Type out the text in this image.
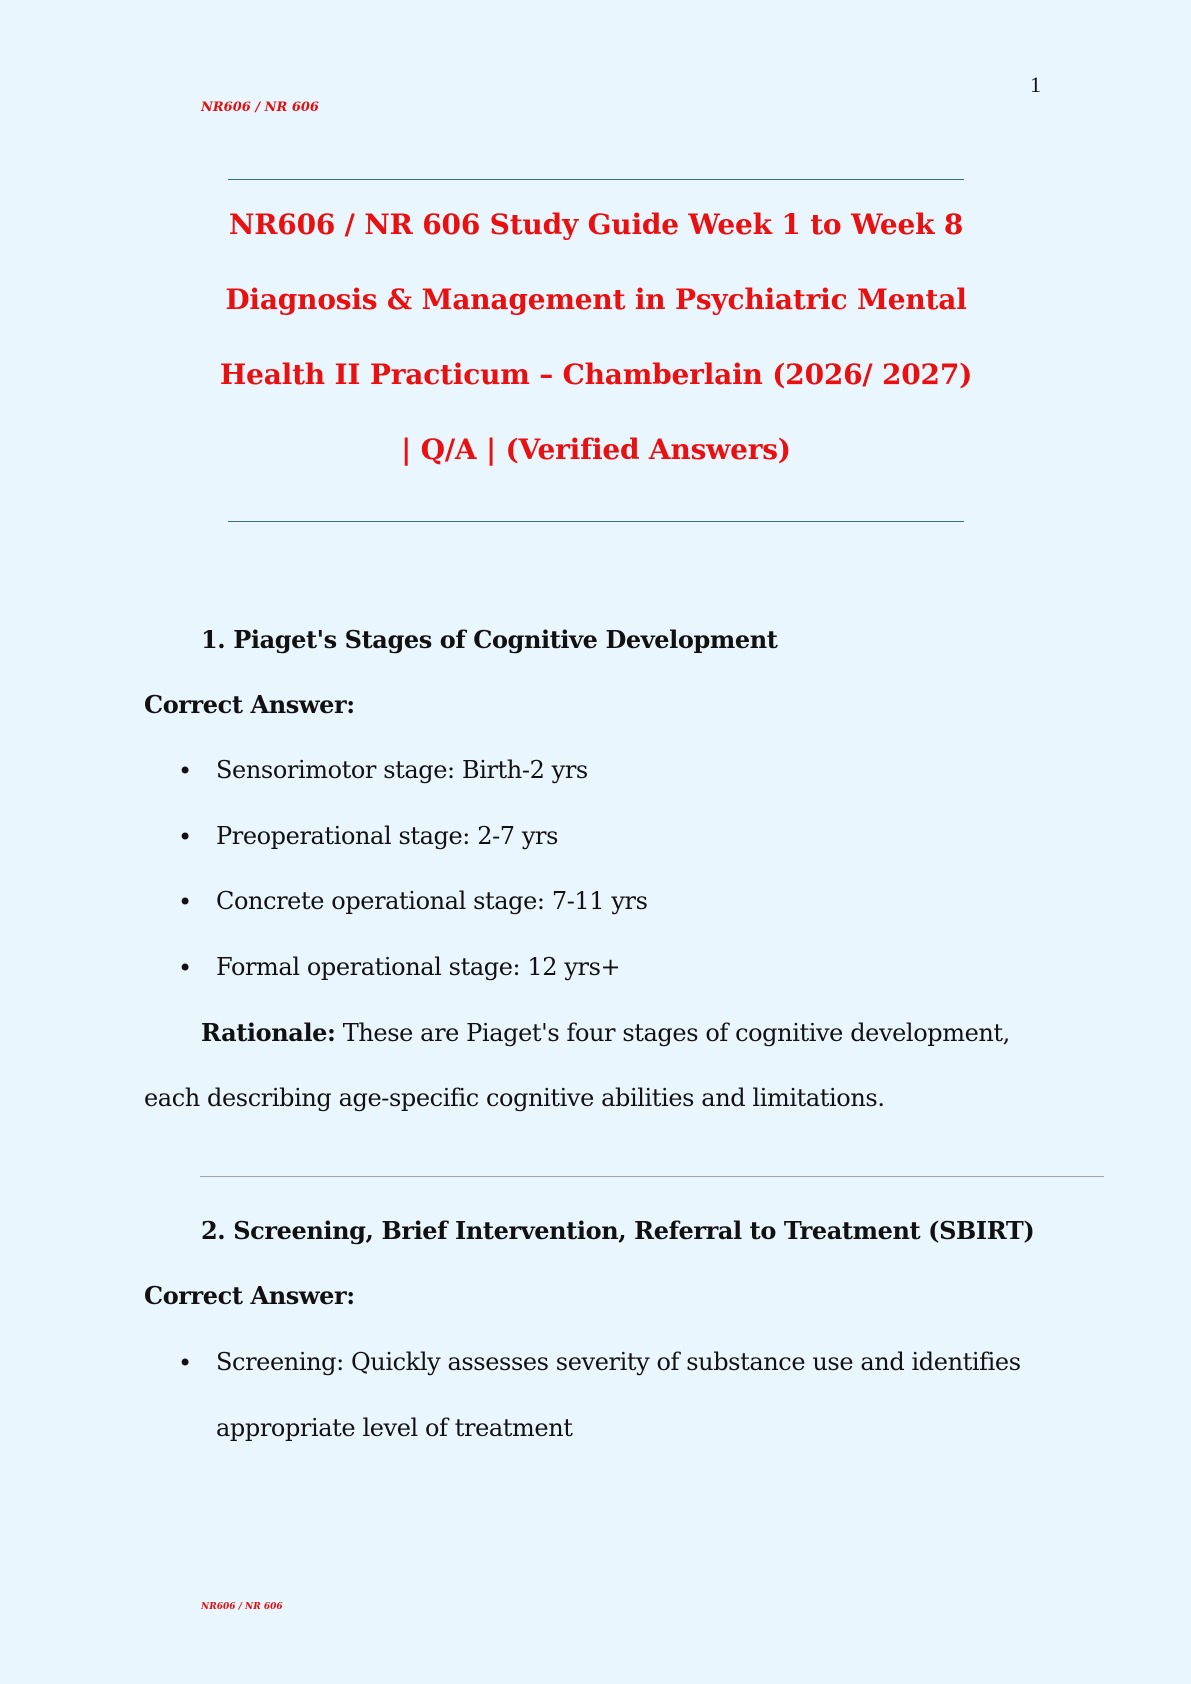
1
NR606 / NR 606
NR606 / NR 606 Study Guide Week 1 to Week 8
Diagnosis & Management in Psychiatric Mental
Health II Practicum – Chamberlain (2026/ 2027)
| Q/A | (Verified Answers)
1. Piaget's Stages of Cognitive Development
Correct Answer:
• Sensorimotor stage: Birth-2 yrs
• Preoperational stage: 2-7 yrs
• Concrete operational stage: 7-11 yrs
• Formal operational stage: 12 yrs+
Rationale: These are Piaget's four stages of cognitive development,
each describing age-specific cognitive abilities and limitations.
2. Screening, Brief Intervention, Referral to Treatment (SBIRT)
Correct Answer:
• Screening: Quickly assesses severity of substance use and identifies
appropriate level of treatment
NR606 / NR 606
